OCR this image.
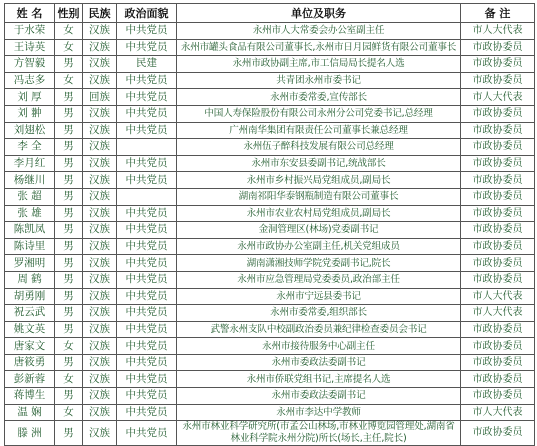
姓 名	性别	民族	政治面貌	单位及职务	备 注
于水荣	女	汉族	中共党员	永州市人大常委会办公室副主任	市人大代表
王诗英	女	汉族	中共党员	永州市罐头食品有限公司董事长,永州市日月园鲜货有限公司董事长	市政协委员
方智毅	男	汉族	民建	永州市政协副主席,市工信局局长提名人选	市政协委员
冯志多	女	汉族	中共党员	共青团永州市委书记	市政协委员
刘 厚	男	回族	中共党员	永州市委常委,宣传部长	市人大代表
刘 翀	男	汉族	中共党员	中国人寿保险股份有限公司永州分公司党委书记,总经理	市政协委员
刘翅松	男	汉族	中共党员	广州南华集团有限责任公司董事长兼总经理	市政协委员
李 全	男	汉族		永州伍子醉科技发展有限公司总经理	市政协委员
李月红	男	汉族	中共党员	永州市东安县委副书记,统战部长	市政协委员
杨继川	男	汉族	中共党员	永州市乡村振兴局党组成员,副局长	市政协委员
张 超	男	汉族		湖南祁阳华泰钢瓶制造有限公司董事长	市政协委员
张 雄	男	汉族	中共党员	永州市农业农村局党组成员,副局长	市政协委员
陈凯凤	男	汉族	中共党员	金洞管理区(林场)党委副书记	市政协委员
陈诗里	男	汉族	中共党员	永州市政协办公室副主任,机关党组成员	市政协委员
罗湘明	男	汉族	中共党员	湖南潇湘技师学院党委副书记,院长	市政协委员
周 鹤	男	汉族	中共党员	永州市应急管理局党委委员,政治部主任	市政协委员
胡勇刚	男	汉族	中共党员	永州市宁远县委书记	市人大代表
祝云武	男	汉族	中共党员	永州市委常委,组织部长	市人大代表
姚文英	男	汉族	中共党员	武警永州支队中校副政治委员兼纪律检查委员会书记	市政协委员
唐家文	女	汉族	中共党员	永州市接待服务中心副主任	市政协委员
唐筱勇	男	汉族	中共党员	永州市委政法委副书记	市政协委员
彭新蓉	女	汉族	中共党员	永州市侨联党组书记,主席提名人选	市政协委员
蒋博生	男	汉族	中共党员	永州市委政法委副书记	市政协委员
温 娴	女	汉族	中共党员	永州市李达中学教师	市人大代表
滕 洲	男	汉族	中共党员	永州市林业科学研究所(市孟公山林场,市林业博览园管理处,湖南省林业科学院永州分院)所长(场长,主任,院长)	市政协委员
